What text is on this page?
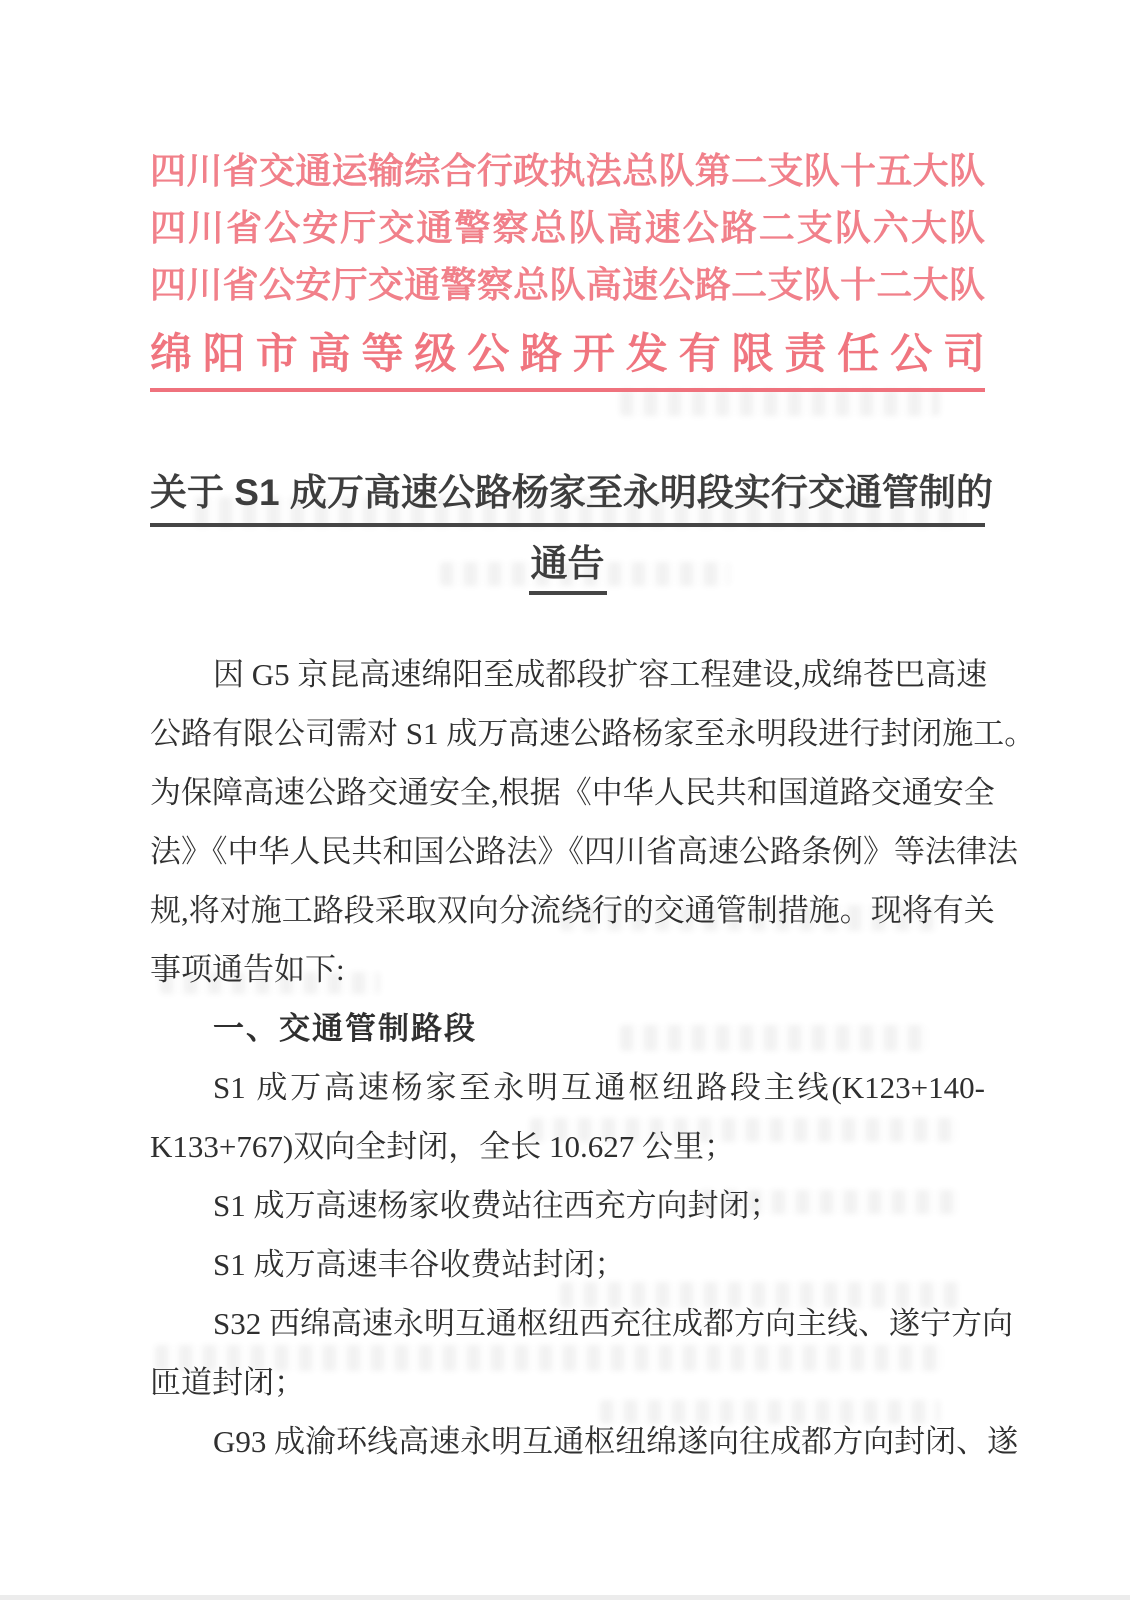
四川省交通运输综合行政执法总队第二支队十五大队
四川省公安厅交通警察总队高速公路二支队六大队
四川省公安厅交通警察总队高速公路二支队十二大队
绵阳市高等级公路开发有限责任公司
关于 S1 成万高速公路杨家至永明段实行交通管制的
通告
因 G5 京昆高速绵阳至成都段扩容工程建设,成绵苍巴高速
公路有限公司需对 S1 成万高速公路杨家至永明段进行封闭施工。
为保障高速公路交通安全,根据《中华人民共和国道路交通安全
法》《中华人民共和国公路法》《四川省高速公路条例》等法律法
规,将对施工路段采取双向分流绕行的交通管制措施。现将有关
事项通告如下:
一、交通管制路段
S1 成万高速杨家至永明互通枢纽路段主线(K123+140-
K133+767)双向全封闭，全长 10.627 公里；
S1 成万高速杨家收费站往西充方向封闭；
S1 成万高速丰谷收费站封闭；
S32 西绵高速永明互通枢纽西充往成都方向主线、遂宁方向
匝道封闭；
G93 成渝环线高速永明互通枢纽绵遂向往成都方向封闭、遂
